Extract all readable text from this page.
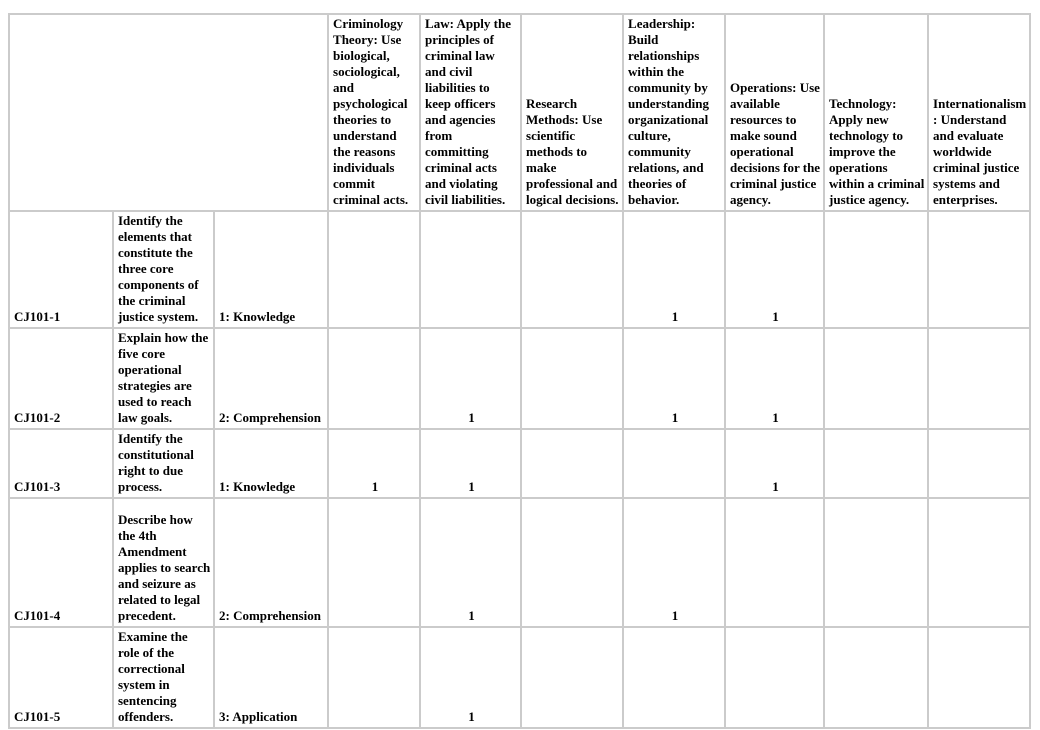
			Criminology Theory: Use biological, sociological, and psychological theories to understand the reasons individuals commit criminal acts.	Law: Apply the principles of criminal law and civil liabilities to keep officers and agencies from committing criminal acts and violating civil liabilities.	Research Methods: Use scientific methods to make professional and logical decisions.	Leadership: Build relationships within the community by understanding organizational culture, community relations, and theories of behavior.	Operations: Use available resources to make sound operational decisions for the criminal justice agency.	Technology: Apply new technology to improve the operations within a criminal justice agency.	Internationalism: Understand and evaluate worldwide criminal justice systems and enterprises.
CJ101-1	Identify the elements that constitute the three core components of the criminal justice system.	1: Knowledge				1	1		
CJ101-2	Explain how the five core operational strategies are used to reach law goals.	2: Comprehension		1		1	1		
CJ101-3	Identify the constitutional right to due process.	1: Knowledge	1	1			1		
CJ101-4	Describe how the 4th Amendment applies to search and seizure as related to legal precedent.	2: Comprehension		1		1			
CJ101-5	Examine the role of the correctional system in sentencing offenders.	3: Application		1					
